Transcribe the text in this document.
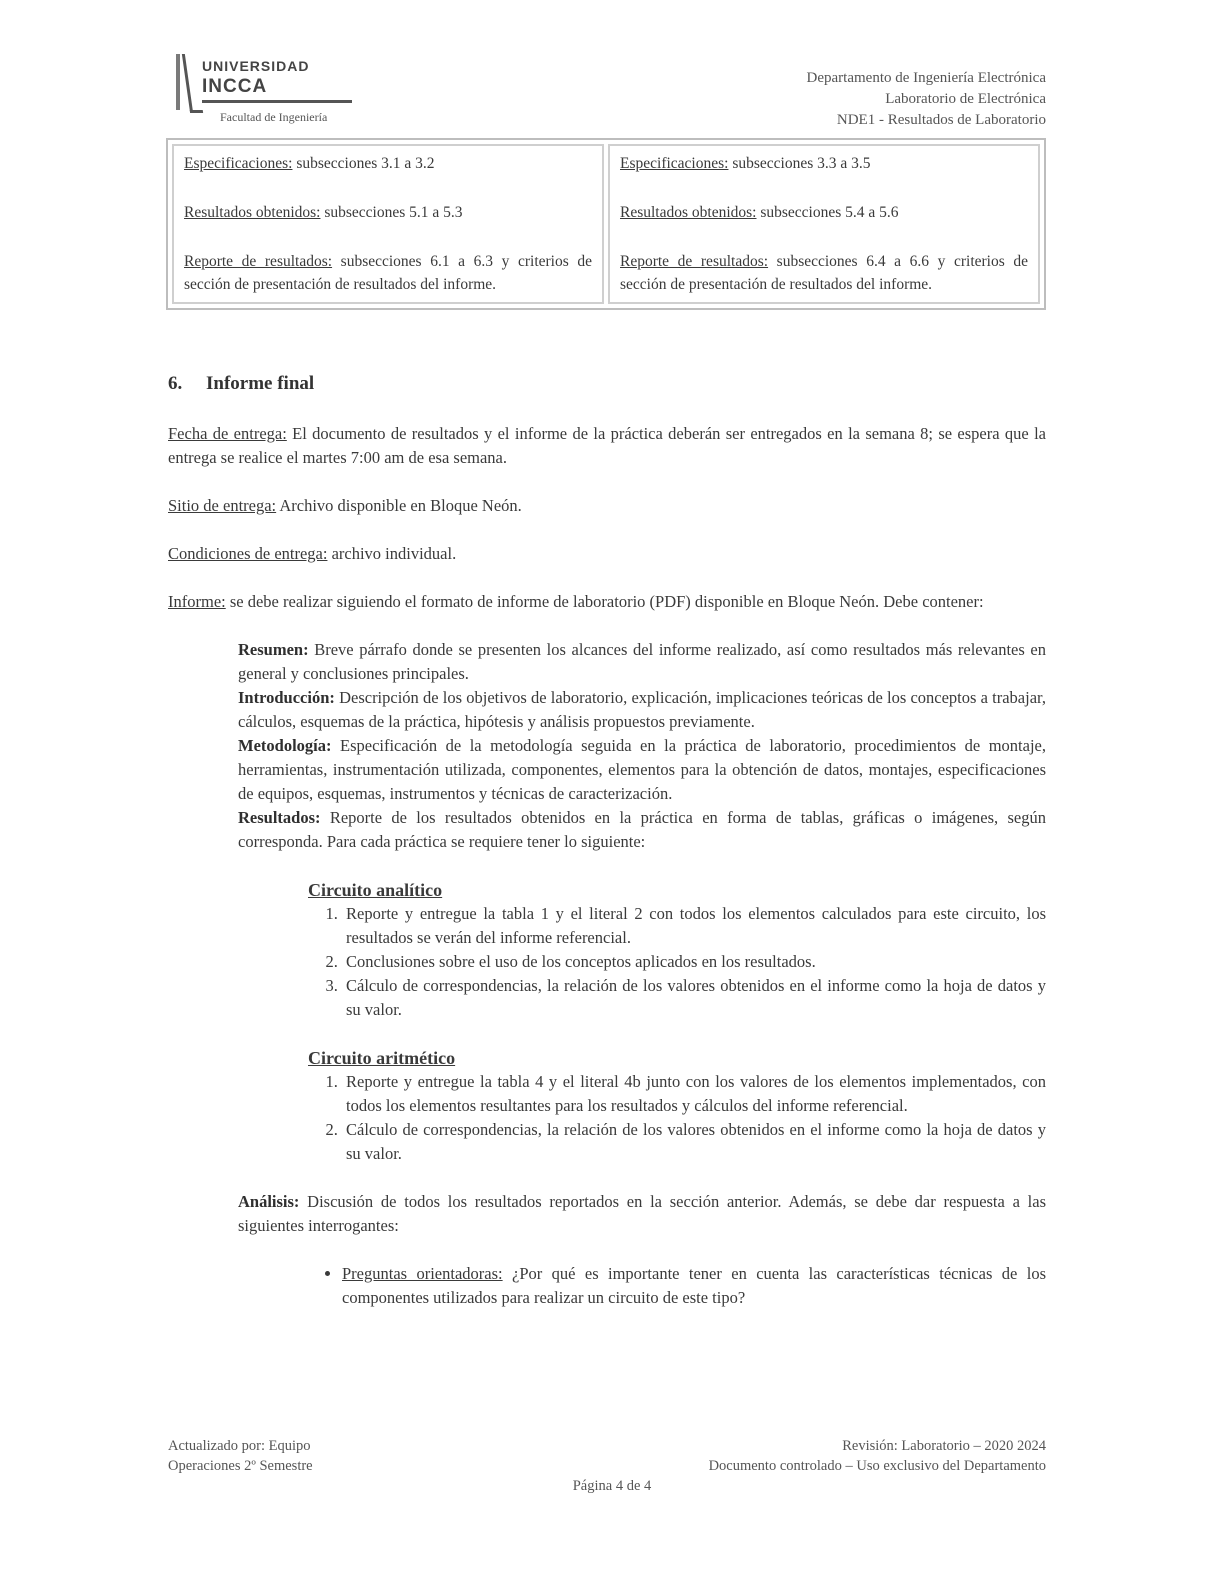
UNIVERSIDAD
INCCA
Facultad de Ingeniería
Departamento de Ingeniería Electrónica
Laboratorio de Electrónica
NDE1 - Resultados de Laboratorio

Especificaciones: subsecciones 3.1 a 3.2

Resultados obtenidos: subsecciones 5.1 a 5.3

Reporte de resultados: subsecciones 6.1 a 6.3 y criterios de sección de presentación de resultados del informe.

Especificaciones: subsecciones 3.3 a 3.5

Resultados obtenidos: subsecciones 5.4 a 5.6

Reporte de resultados: subsecciones 6.4 a 6.6 y criterios de sección de presentación de resultados del informe.

6. Informe final

Fecha de entrega: El documento de resultados y el informe de la práctica deberán ser entregados en la semana 8; se espera que la entrega se realice el martes 7:00 am de esa semana.

Sitio de entrega: Archivo disponible en Bloque Neón.

Condiciones de entrega: archivo individual.

Informe: se debe realizar siguiendo el formato de informe de laboratorio (PDF) disponible en Bloque Neón. Debe contener:

Resumen: Breve párrafo donde se presenten los alcances del informe realizado, así como resultados más relevantes en general y conclusiones principales.

Introducción: Descripción de los objetivos de laboratorio, explicación, implicaciones teóricas de los conceptos a trabajar, cálculos, esquemas de la práctica, hipótesis y análisis propuestos previamente.

Metodología: Especificación de la metodología seguida en la práctica de laboratorio, procedimientos de montaje, herramientas, instrumentación utilizada, componentes, elementos para la obtención de datos, montajes, especificaciones de equipos, esquemas, instrumentos y técnicas de caracterización.

Resultados: Reporte de los resultados obtenidos en la práctica en forma de tablas, gráficas o imágenes, según corresponda. Para cada práctica se requiere tener lo siguiente:

Circuito analítico
1. Reporte y entregue la tabla 1 y el literal 2 con todos los elementos calculados para este circuito, los resultados se verán del informe referencial.
2. Conclusiones sobre el uso de los conceptos aplicados en los resultados.
3. Cálculo de correspondencias, la relación de los valores obtenidos en el informe como la hoja de datos y su valor.
Circuito aritmético
1. Reporte y entregue la tabla 4 y el literal 4b junto con los valores de los elementos implementados, con todos los elementos resultantes para los resultados y cálculos del informe referencial.
2. Cálculo de correspondencias, la relación de los valores obtenidos en el informe como la hoja de datos y su valor.

Análisis: Discusión de todos los resultados reportados en la sección anterior. Además, se debe dar respuesta a las siguientes interrogantes:

• Preguntas orientadoras: ¿Por qué es importante tener en cuenta las características técnicas de los componentes utilizados para realizar un circuito de este tipo?
Actualizado por: Equipo
Operaciones 2º Semestre
Revisión: Laboratorio – 2020 2024
Documento controlado – Uso exclusivo del Departamento
Página 4 de 4
